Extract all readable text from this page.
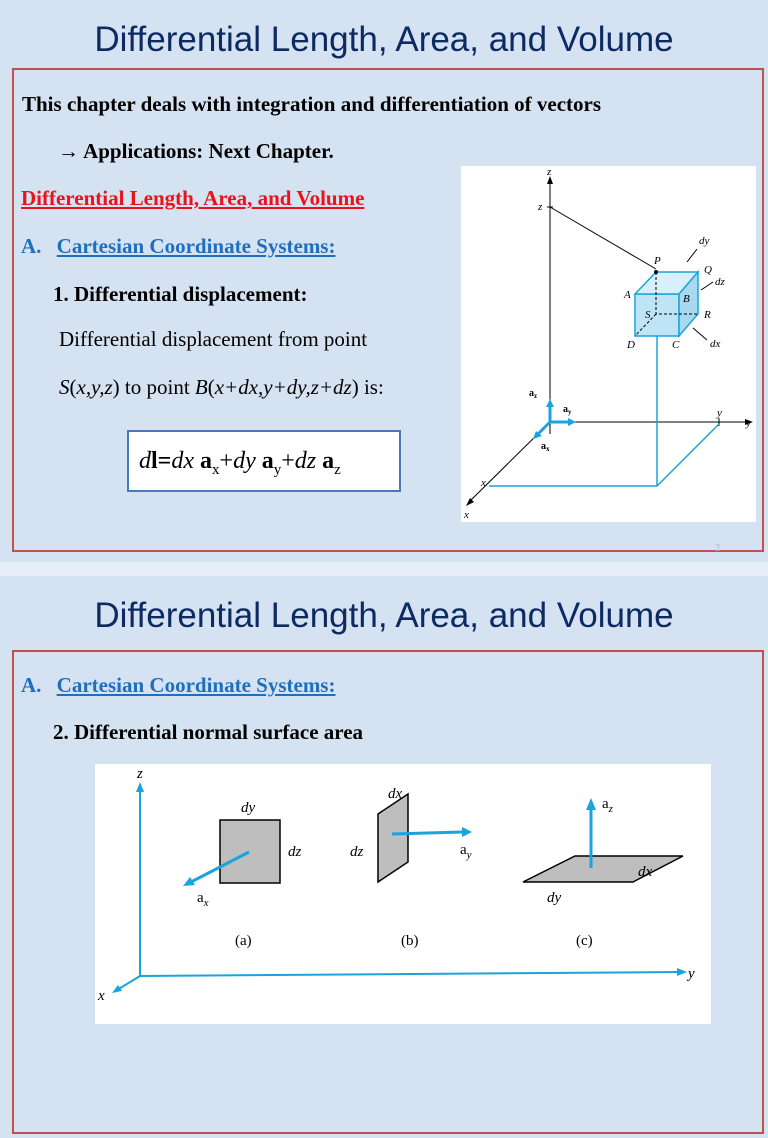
Differential Length, Area, and Volume
This chapter deals with integration and differentiation of vectors
→ Applications: Next Chapter.
Differential Length, Area, and Volume
A. Cartesian Coordinate Systems:
1. Differential displacement:
Differential displacement from point
S(x,y,z) to point B(x+dx,y+dy,z+dz) is:
dl=dx $a_x+dy$ $a_y+dz$ $a_z$
z
z
y
y
x
x
P
Q
A	B
S	R
D	C
dy
dz
dx
$a_z$
$a_y$
$a_x$
2
Differential Length, Area, and Volume
A. Cartesian Coordinate Systems:
2. Differential normal surface area
z
y
x
dy
dz
$a_x$
(a)
dx
dz	$a_y$
(b)
$a_z$
dx
dy
(c)
